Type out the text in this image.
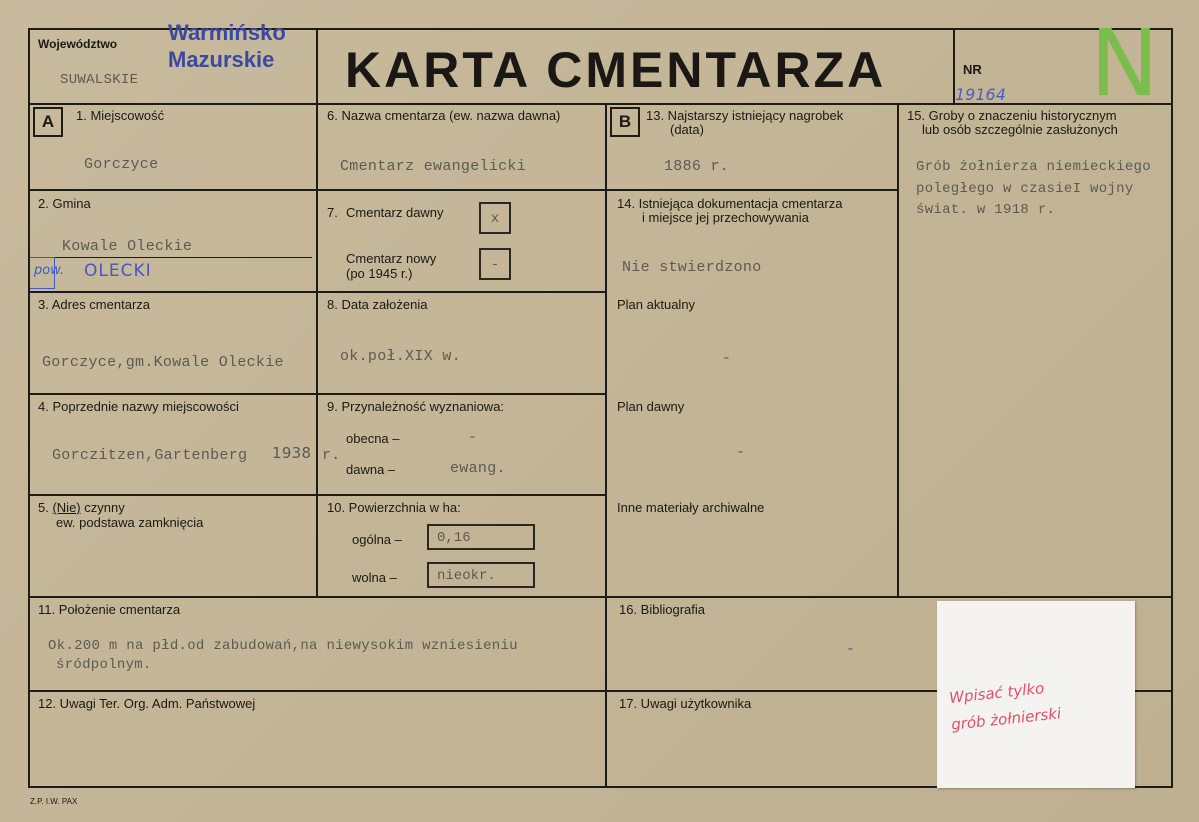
Województwo
SUWALSKIE
Warmińsko
Mazurskie KARTA CMENTARZA	NR
19164 N
A	B
1. Miejscowość
Gorczyce
2. Gmina
Kowale Oleckie
pow. OLECKI
3. Adres cmentarza
Gorczyce,gm.Kowale Oleckie
4. Poprzednie nazwy miejscowości
Gorczitzen,Gartenberg 1938 r.
5. (Nie) czynny
ew. podstawa zamknięcia
6. Nazwa cmentarza (ew. nazwa dawna)
Cmentarz ewangelicki
7. Cmentarz dawny	x
Cmentarz nowy (po 1945 r.)
-
8. Data założenia
ok.poł.XIX w.
9. Przynależność wyznaniowa:
obecna –	-
dawna –	ewang.
10. Powierzchnia w ha:
ogólna –	0,16
wolna –	nieokr.
11. Położenie cmentarza
Ok.200 m na płd.od zabudowań,na niewysokim wzniesieniu
śródpolnym.
12. Uwagi Ter. Org. Adm. Państwowej
13. Najstarszy istniejący nagrobek
(data)
1886 r.
14. Istniejąca dokumentacja cmentarza
i miejsce jej przechowywania
Nie stwierdzono
Plan aktualny
-
Plan dawny
-
Inne materiały archiwalne
15. Groby o znaczeniu historycznym
lub osób szczególnie zasłużonych
Grób żołnierza niemieckiego
poległego w czasieI wojny
świat. w 1918 r.
16. Bibliografia
-
17. Uwagi użytkownika	Wpisać tylko
grób żołnierski
Z.P. I.W. PAX
